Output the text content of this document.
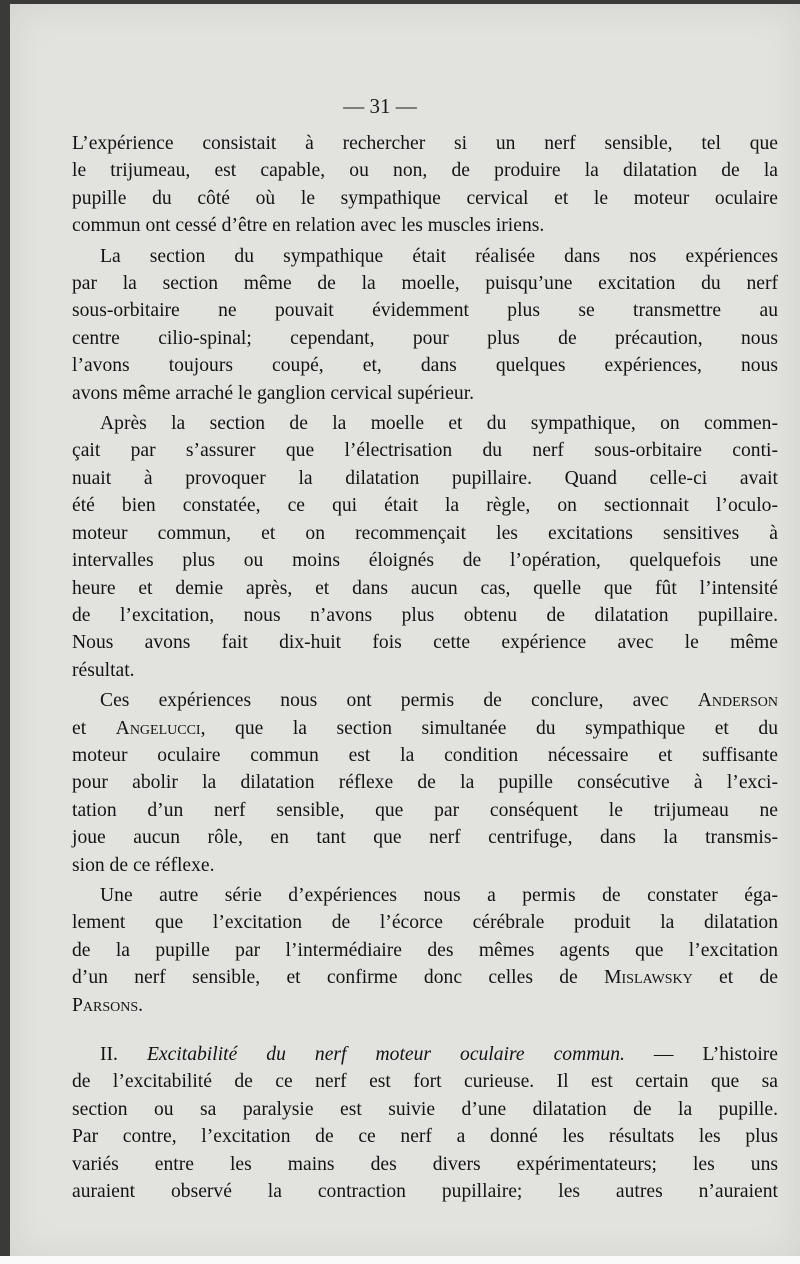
— 31 —

L’expérience consistait à rechercher si un nerf sensible, tel que
le trijumeau, est capable, ou non, de produire la dilatation de la
pupille du côté où le sympathique cervical et le moteur oculaire
commun ont cessé d’être en relation avec les muscles iriens.

La section du sympathique était réalisée dans nos expériences
par la section même de la moelle, puisqu’une excitation du nerf
sous-orbitaire ne pouvait évidemment plus se transmettre au
centre cilio-spinal; cependant, pour plus de précaution, nous
l’avons toujours coupé, et, dans quelques expériences, nous
avons même arraché le ganglion cervical supérieur.

Après la section de la moelle et du sympathique, on commen-
çait par s’assurer que l’électrisation du nerf sous-orbitaire conti-
nuait à provoquer la dilatation pupillaire. Quand celle-ci avait
été bien constatée, ce qui était la règle, on sectionnait l’oculo-
moteur commun, et on recommençait les excitations sensitives à
intervalles plus ou moins éloignés de l’opération, quelquefois une
heure et demie après, et dans aucun cas, quelle que fût l’intensité
de l’excitation, nous n’avons plus obtenu de dilatation pupillaire.
Nous avons fait dix-huit fois cette expérience avec le même
résultat.

Ces expériences nous ont permis de conclure, avec Anderson
et Angelucci, que la section simultanée du sympathique et du
moteur oculaire commun est la condition nécessaire et suffisante
pour abolir la dilatation réflexe de la pupille consécutive à l’exci-
tation d’un nerf sensible, que par conséquent le trijumeau ne
joue aucun rôle, en tant que nerf centrifuge, dans la transmis-
sion de ce réflexe.

Une autre série d’expériences nous a permis de constater éga-
lement que l’excitation de l’écorce cérébrale produit la dilatation
de la pupille par l’intermédiaire des mêmes agents que l’excitation
d’un nerf sensible, et confirme donc celles de Mislawsky et de
Parsons.

II. Excitabilité du nerf moteur oculaire commun. — L’histoire
de l’excitabilité de ce nerf est fort curieuse. Il est certain que sa
section ou sa paralysie est suivie d’une dilatation de la pupille.
Par contre, l’excitation de ce nerf a donné les résultats les plus
variés entre les mains des divers expérimentateurs; les uns
auraient observé la contraction pupillaire; les autres n’auraient
